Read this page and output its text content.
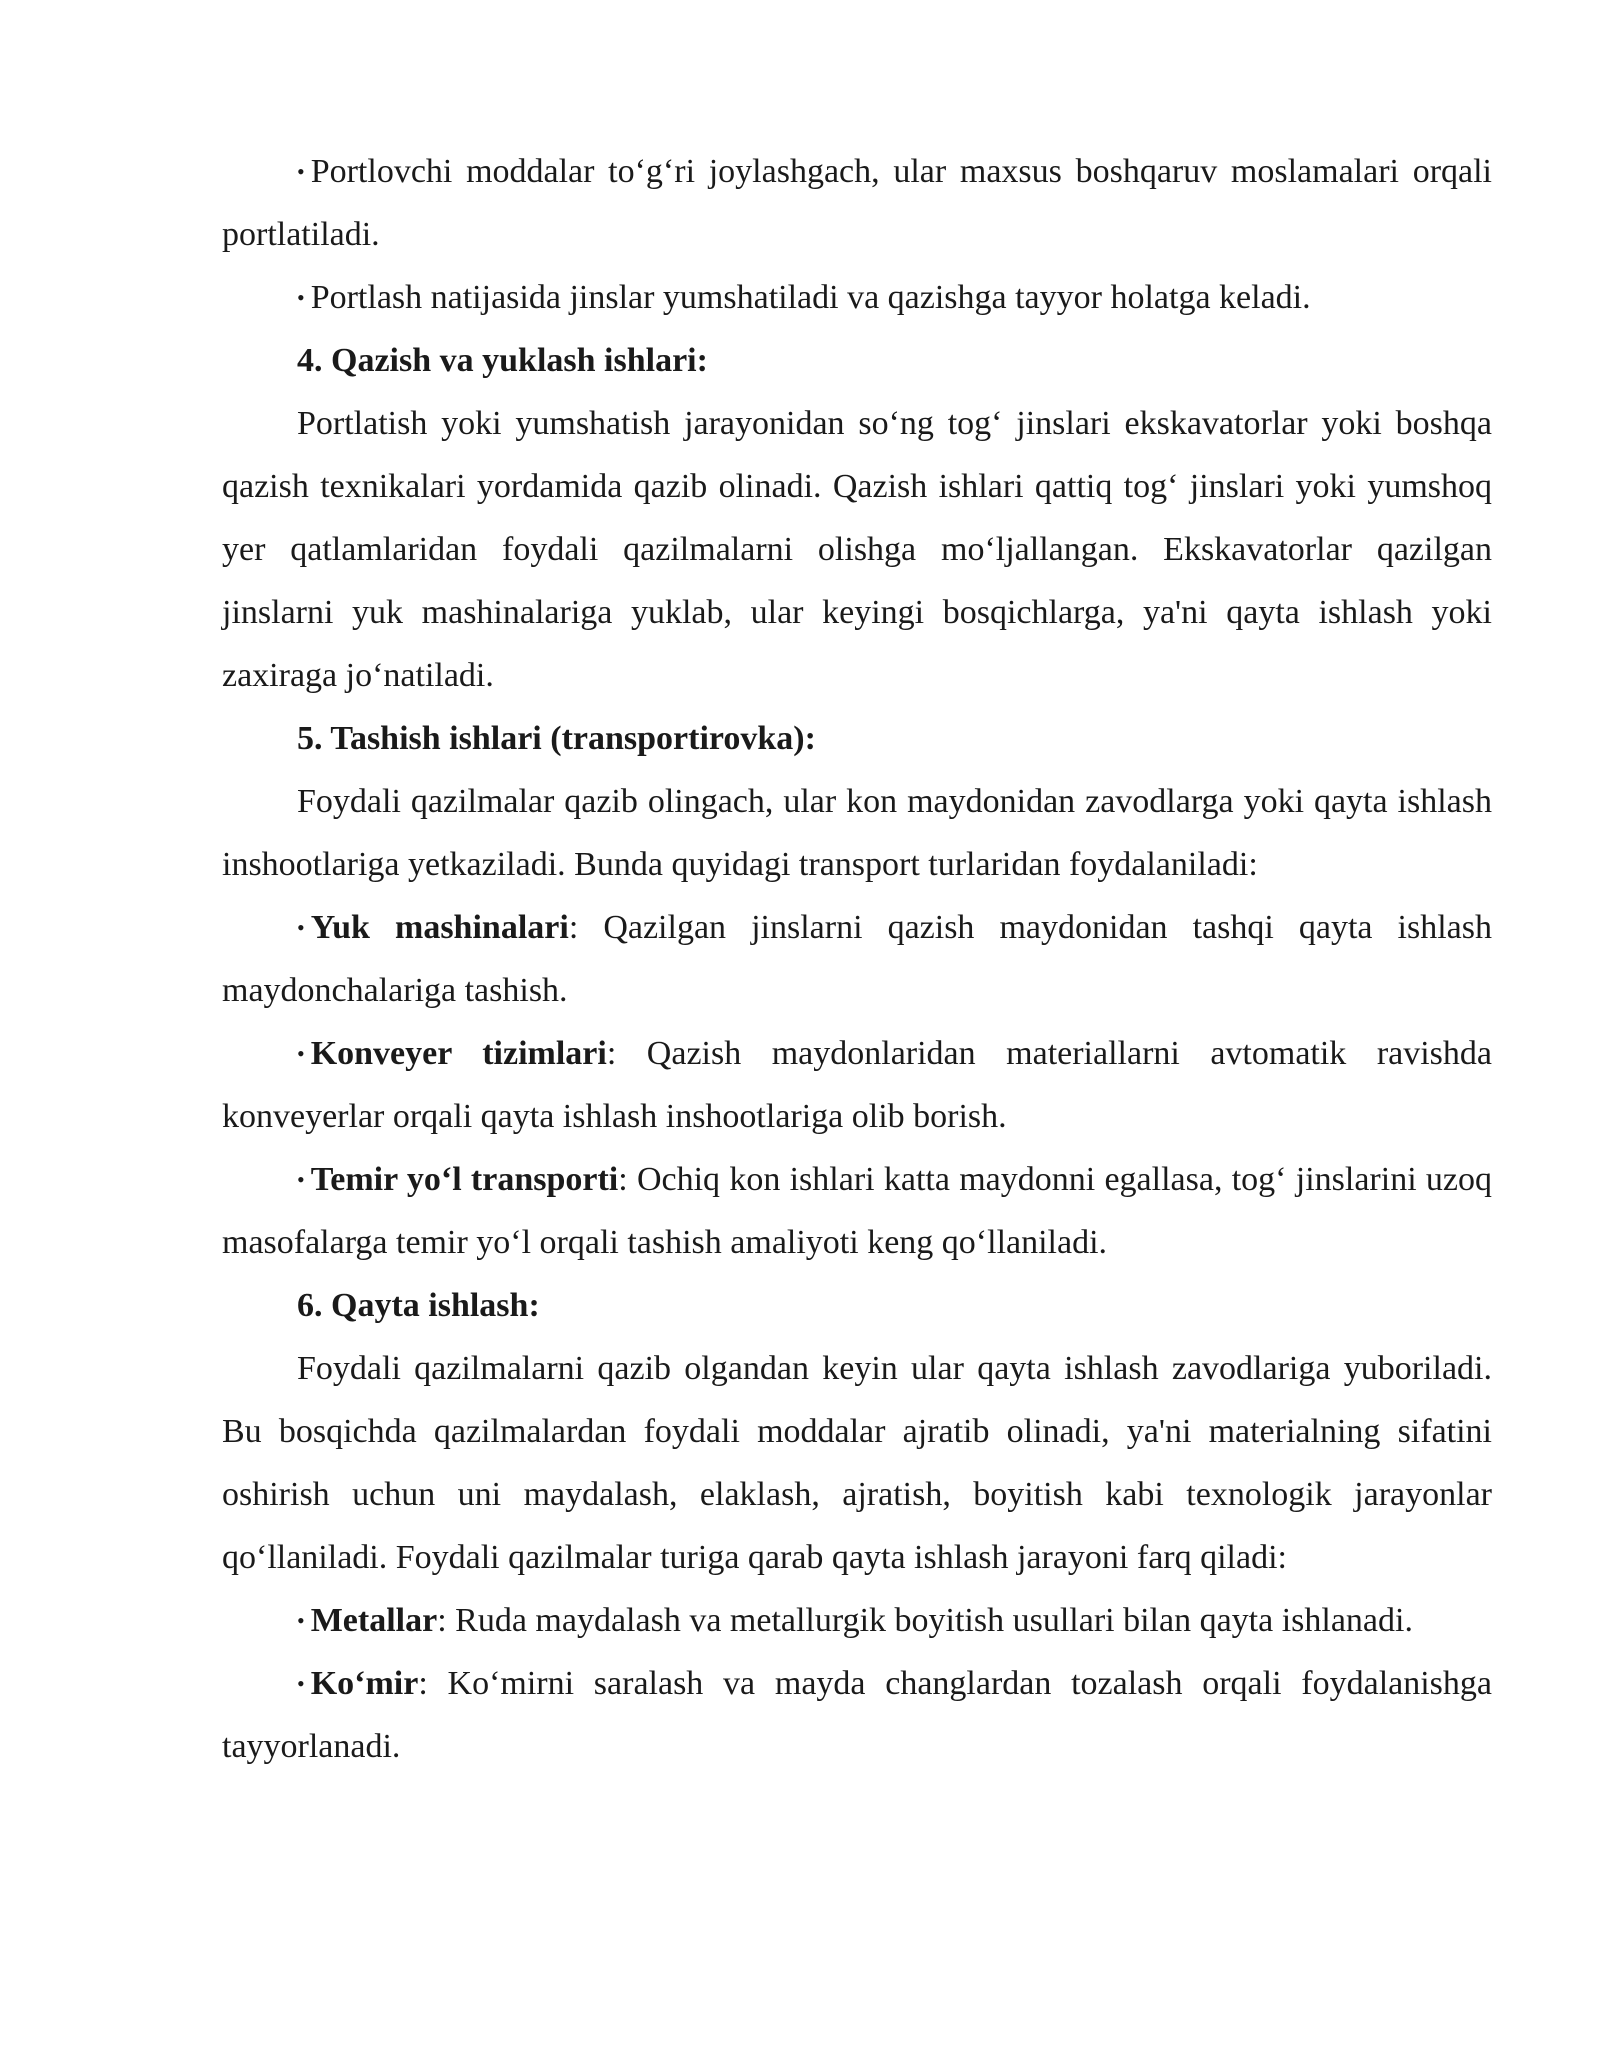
• Portlovchi moddalar to‘g‘ri joylashgach, ular maxsus boshqaruv moslamalari orqali portlatiladi.

• Portlash natijasida jinslar yumshatiladi va qazishga tayyor holatga keladi.

4. Qazish va yuklash ishlari:

Portlatish yoki yumshatish jarayonidan so‘ng tog‘ jinslari ekskavatorlar yoki boshqa qazish texnikalari yordamida qazib olinadi. Qazish ishlari qattiq tog‘ jinslari yoki yumshoq yer qatlamlaridan foydali qazilmalarni olishga mo‘ljallangan. Ekskavatorlar qazilgan jinslarni yuk mashinalariga yuklab, ular keyingi bosqichlarga, ya'ni qayta ishlash yoki zaxiraga jo‘natiladi.

5. Tashish ishlari (transportirovka):

Foydali qazilmalar qazib olingach, ular kon maydonidan zavodlarga yoki qayta ishlash inshootlariga yetkaziladi. Bunda quyidagi transport turlaridan foydalaniladi:

• Yuk mashinalari: Qazilgan jinslarni qazish maydonidan tashqi qayta ishlash maydonchalariga tashish.

• Konveyer tizimlari: Qazish maydonlaridan materiallarni avtomatik ravishda konveyerlar orqali qayta ishlash inshootlariga olib borish.

• Temir yo‘l transporti: Ochiq kon ishlari katta maydonni egallasa, tog‘ jinslarini uzoq masofalarga temir yo‘l orqali tashish amaliyoti keng qo‘llaniladi.

6. Qayta ishlash:

Foydali qazilmalarni qazib olgandan keyin ular qayta ishlash zavodlariga yuboriladi. Bu bosqichda qazilmalardan foydali moddalar ajratib olinadi, ya'ni materialning sifatini oshirish uchun uni maydalash, elaklash, ajratish, boyitish kabi texnologik jarayonlar qo‘llaniladi. Foydali qazilmalar turiga qarab qayta ishlash jarayoni farq qiladi:

• Metallar: Ruda maydalash va metallurgik boyitish usullari bilan qayta ishlanadi.

• Ko‘mir: Ko‘mirni saralash va mayda changlardan tozalash orqali foydalanishga tayyorlanadi.
